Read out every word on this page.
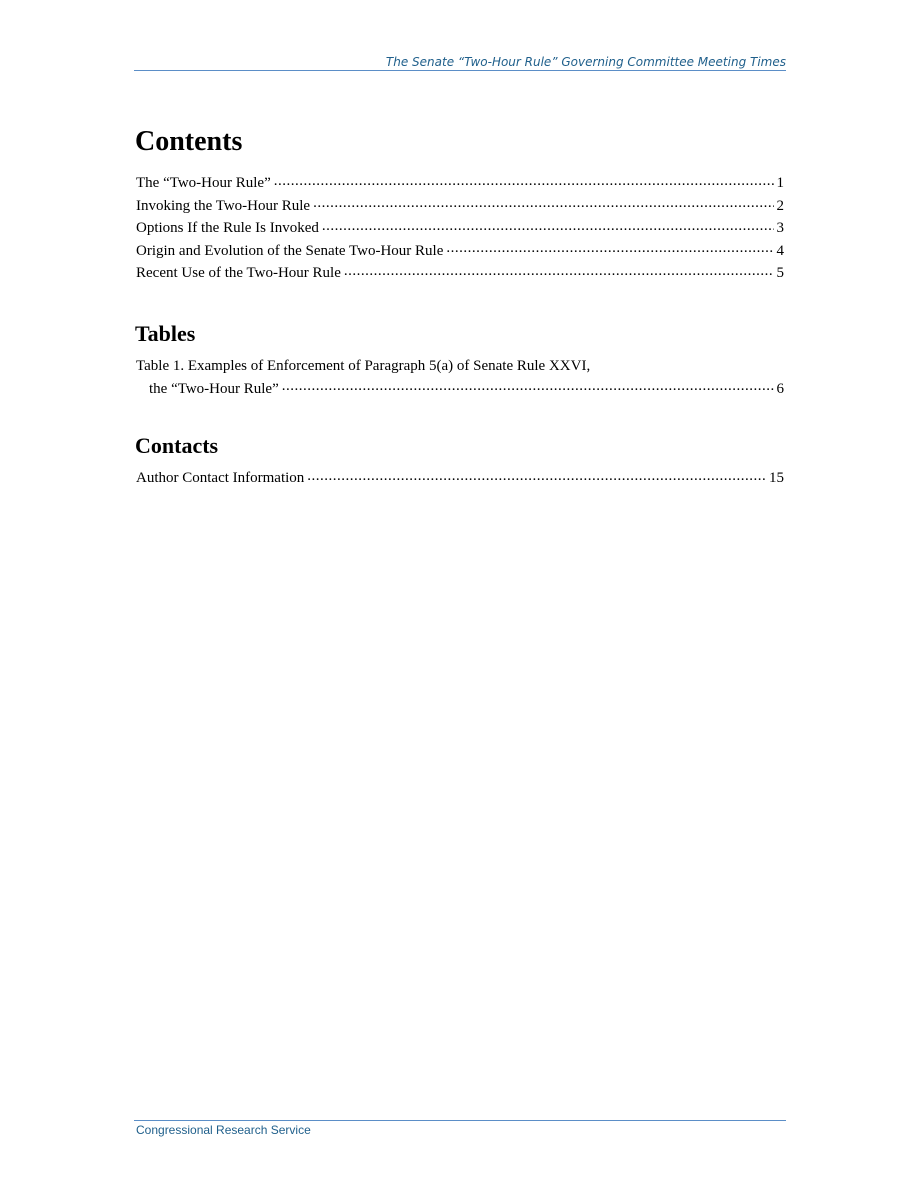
The Senate “Two-Hour Rule” Governing Committee Meeting Times
Contents
The “Two-Hour Rule” .....	1
Invoking the Two-Hour Rule .....	2
Options If the Rule Is Invoked .....	3
Origin and Evolution of the Senate Two-Hour Rule .....	4
Recent Use of the Two-Hour Rule .....	5
Tables
Table 1. Examples of Enforcement of Paragraph 5(a) of Senate Rule XXVI,
the “Two-Hour Rule” .....	6
Contacts
Author Contact Information .....	15
Congressional Research Service
